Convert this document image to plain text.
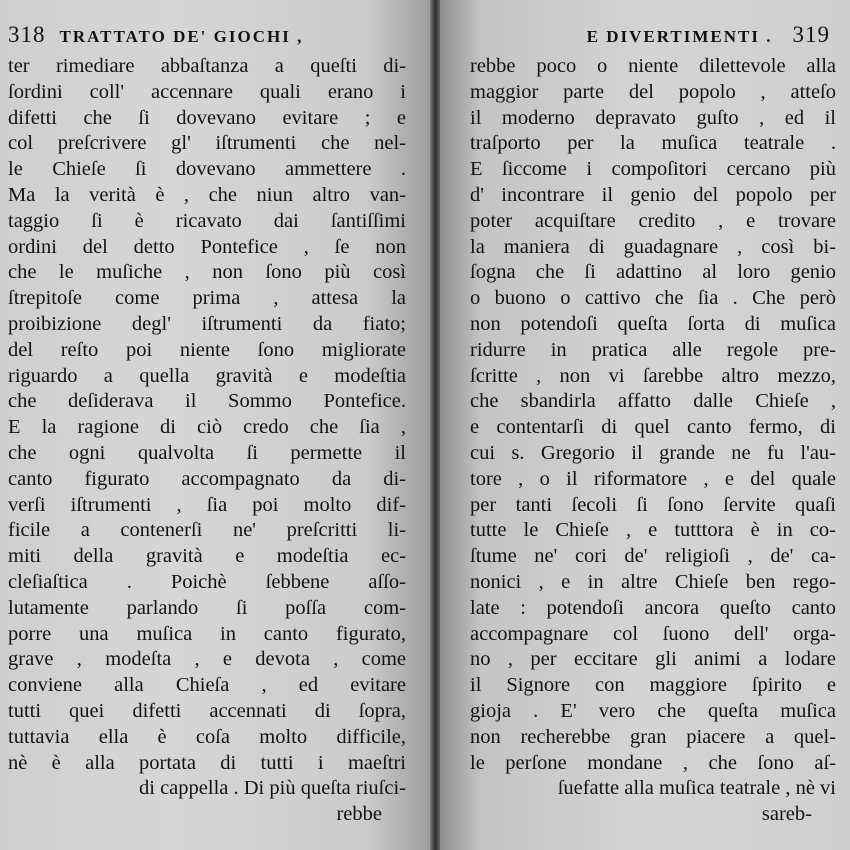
318 TRATTATO DE' GIOCHI ,
ter rimediare abbaſtanza a queſti di-
ſordini coll' accennare quali erano i
difetti che ſi dovevano evitare ; e
col preſcrivere gl' iſtrumenti che nel-
le Chieſe ſi dovevano ammettere .
Ma la verità è , che niun altro van-
taggio ſi è ricavato dai ſantiſſimi
ordini del detto Pontefice , ſe non
che le muſiche , non ſono più così
ſtrepitoſe come prima , attesa la
proibizione degl' iſtrumenti da fiato;
del reſto poi niente ſono migliorate
riguardo a quella gravità e modeſtia
che deſiderava il Sommo Pontefice.
E la ragione di ciò credo che ſia ,
che ogni qualvolta ſi permette il
canto figurato accompagnato da di-
verſi iſtrumenti , ſia poi molto dif-
ficile a contenerſi ne' preſcritti li-
miti della gravità e modeſtia ec-
cleſiaſtica . Poichè ſebbene aſſo-
lutamente parlando ſi poſſa com-
porre una muſica in canto figurato,
grave , modeſta , e devota , come
conviene alla Chieſa , ed evitare
tutti quei difetti accennati di ſopra,
tuttavia ella è coſa molto difficile,
nè è alla portata di tutti i maeſtri
di cappella . Di più queſta riuſci-
rebbe
E DIVERTIMENTI . 319
rebbe poco o niente dilettevole alla
maggior parte del popolo , atteſo
il moderno depravato guſto , ed il
traſporto per la muſica teatrale .
E ſiccome i compoſitori cercano più
d' incontrare il genio del popolo per
poter acquiſtare credito , e trovare
la maniera di guadagnare , così bi-
ſogna che ſi adattino al loro genio
o buono o cattivo che ſia . Che però
non potendoſi queſta ſorta di muſica
ridurre in pratica alle regole pre-
ſcritte , non vi ſarebbe altro mezzo,
che sbandirla affatto dalle Chieſe ,
e contentarſi di quel canto fermo, di
cui s. Gregorio il grande ne fu l'au-
tore , o il riformatore , e del quale
per tanti ſecoli ſi ſono ſervite quaſi
tutte le Chieſe , e tutttora è in co-
ſtume ne' cori de' religioſi , de' ca-
nonici , e in altre Chieſe ben rego-
late : potendoſi ancora queſto canto
accompagnare col ſuono dell' orga-
no , per eccitare gli animi a lodare
il Signore con maggiore ſpirito e
gioja . E' vero che queſta muſica
non recherebbe gran piacere a quel-
le perſone mondane , che ſono aſ-
ſuefatte alla muſica teatrale , nè vi
sareb-
